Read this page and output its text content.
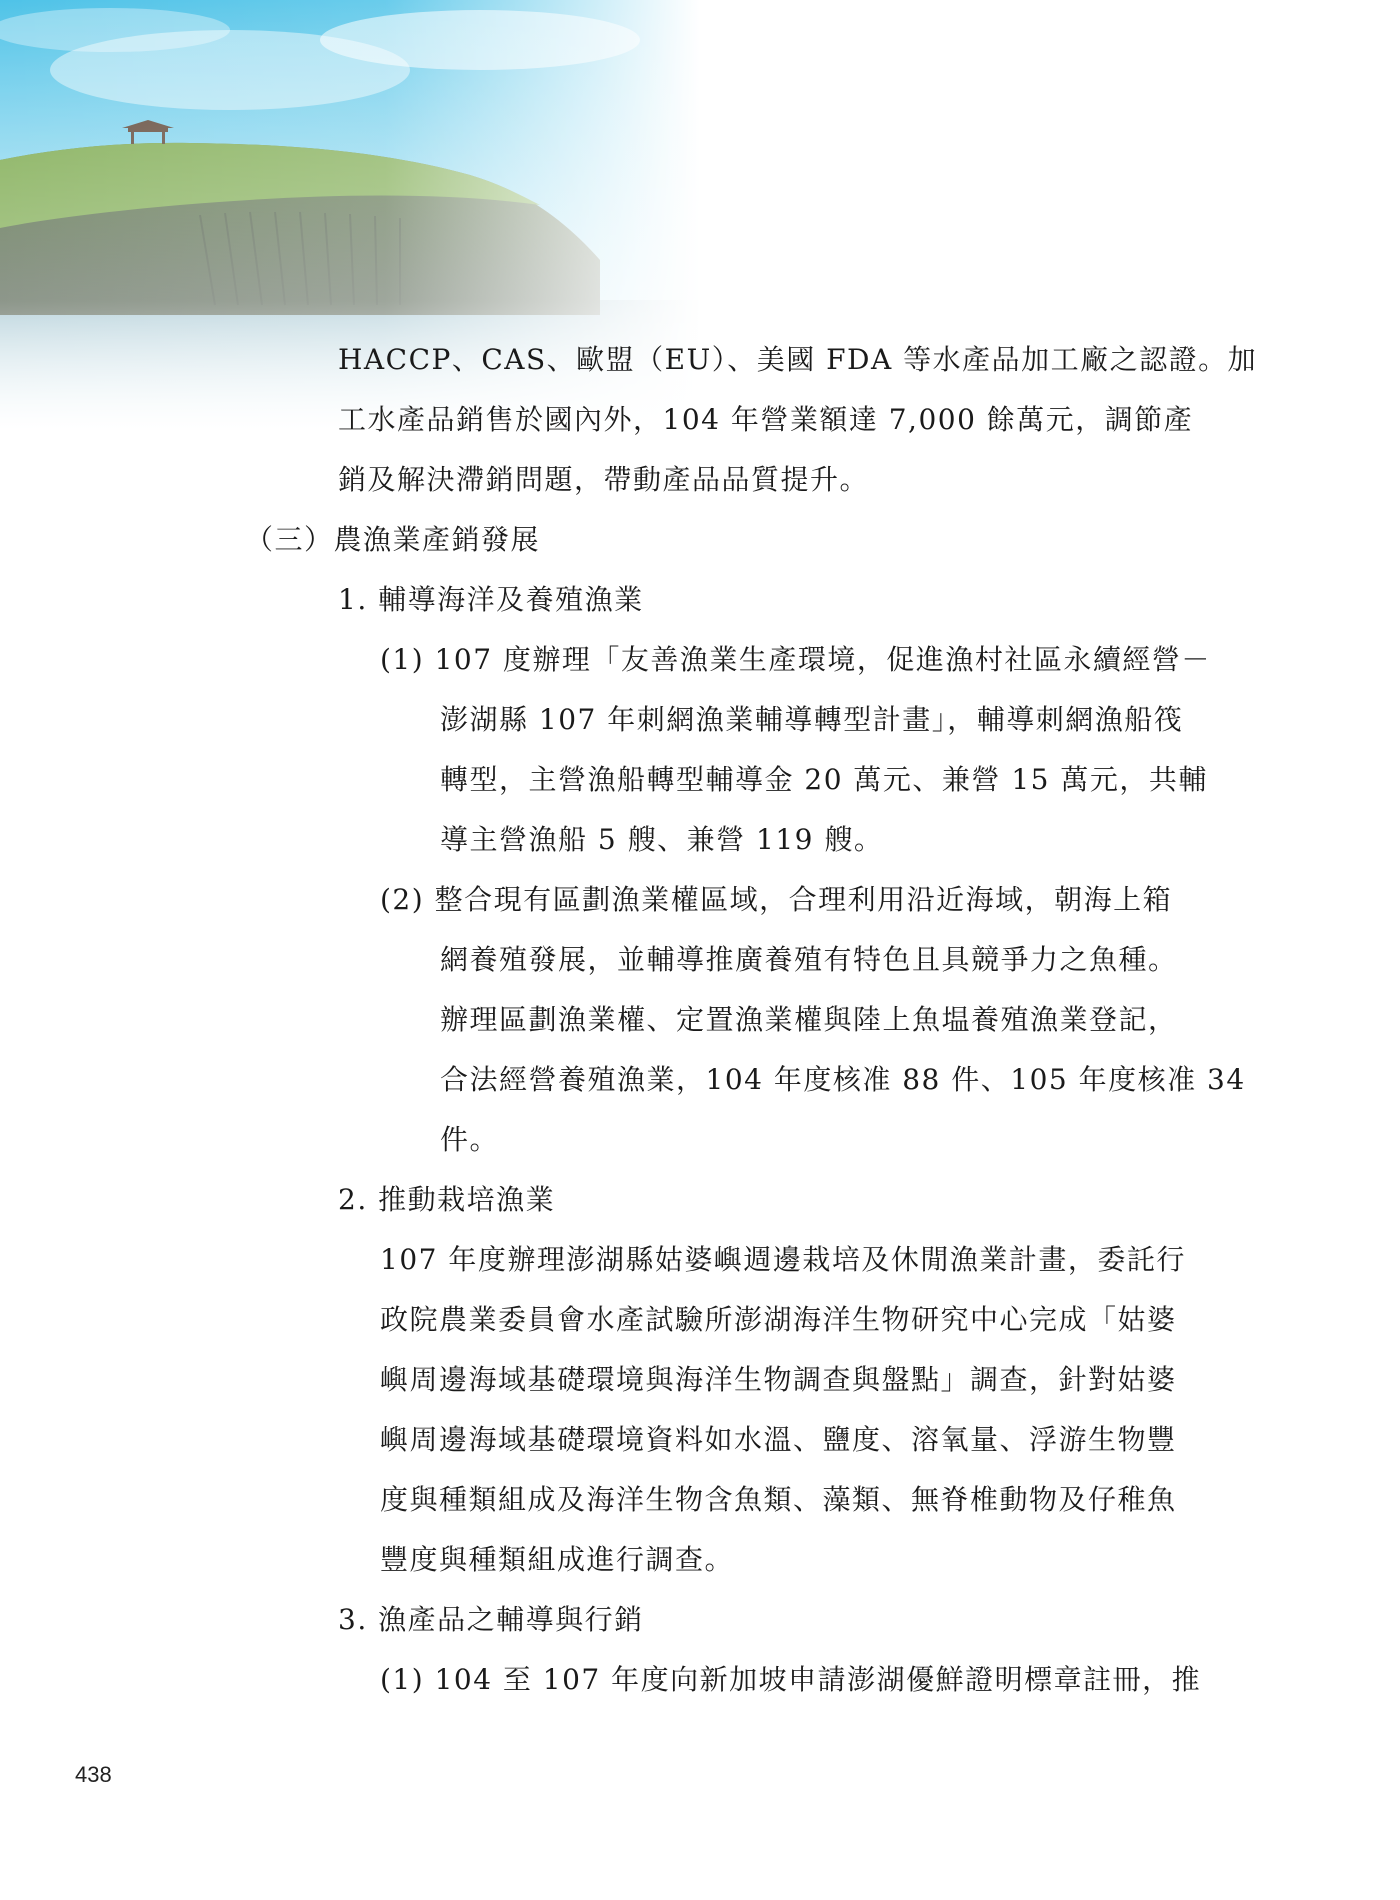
HACCP、CAS、歐盟（EU）、美國 FDA 等水產品加工廠之認證。加

工水產品銷售於國內外，104 年營業額達 7,000 餘萬元，調節產

銷及解決滯銷問題，帶動產品品質提升。

（三）農漁業產銷發展

1. 輔導海洋及養殖漁業

(1) 107 度辦理「友善漁業生產環境，促進漁村社區永續經營－

澎湖縣 107 年刺網漁業輔導轉型計畫」，輔導刺網漁船筏

轉型，主營漁船轉型輔導金 20 萬元、兼營 15 萬元，共輔

導主營漁船 5 艘、兼營 119 艘。

(2) 整合現有區劃漁業權區域，合理利用沿近海域，朝海上箱

網養殖發展，並輔導推廣養殖有特色且具競爭力之魚種。

辦理區劃漁業權、定置漁業權與陸上魚塭養殖漁業登記，

合法經營養殖漁業，104 年度核准 88 件、105 年度核准 34

件。

2. 推動栽培漁業

107 年度辦理澎湖縣姑婆嶼週邊栽培及休閒漁業計畫，委託行

政院農業委員會水產試驗所澎湖海洋生物研究中心完成「姑婆

嶼周邊海域基礎環境與海洋生物調查與盤點」調查，針對姑婆

嶼周邊海域基礎環境資料如水溫、鹽度、溶氧量、浮游生物豐

度與種類組成及海洋生物含魚類、藻類、無脊椎動物及仔稚魚

豐度與種類組成進行調查。

3. 漁產品之輔導與行銷

(1) 104 至 107 年度向新加坡申請澎湖優鮮證明標章註冊，推

438
